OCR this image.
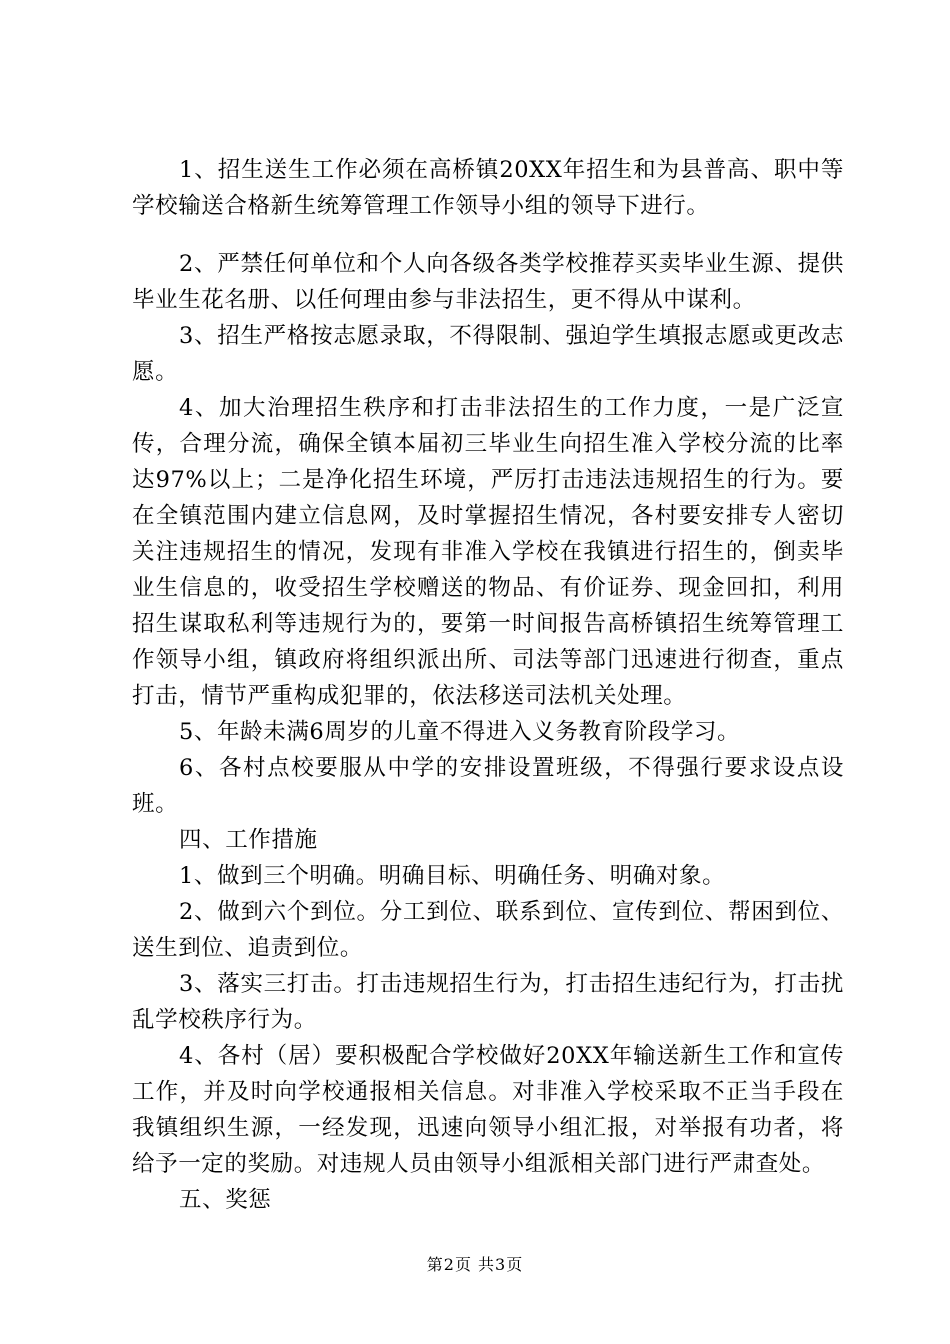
1、招生送生工作必须在高桥镇20XX年招生和为县普高、职中等学校输送合格新生统筹管理工作领导小组的领导下进行。

2、严禁任何单位和个人向各级各类学校推荐买卖毕业生源、提供毕业生花名册、以任何理由参与非法招生，更不得从中谋利。

3、招生严格按志愿录取，不得限制、强迫学生填报志愿或更改志愿。

4、加大治理招生秩序和打击非法招生的工作力度，一是广泛宣传，合理分流，确保全镇本届初三毕业生向招生准入学校分流的比率达97%以上；二是净化招生环境，严厉打击违法违规招生的行为。要在全镇范围内建立信息网，及时掌握招生情况，各村要安排专人密切关注违规招生的情况，发现有非准入学校在我镇进行招生的，倒卖毕业生信息的，收受招生学校赠送的物品、有价证券、现金回扣，利用招生谋取私利等违规行为的，要第一时间报告高桥镇招生统筹管理工作领导小组，镇政府将组织派出所、司法等部门迅速进行彻查，重点打击，情节严重构成犯罪的，依法移送司法机关处理。

5、年龄未满6周岁的儿童不得进入义务教育阶段学习。

6、各村点校要服从中学的安排设置班级，不得强行要求设点设班。

四、工作措施

1、做到三个明确。明确目标、明确任务、明确对象。

2、做到六个到位。分工到位、联系到位、宣传到位、帮困到位、送生到位、追责到位。

3、落实三打击。打击违规招生行为，打击招生违纪行为，打击扰乱学校秩序行为。

4、各村（居）要积极配合学校做好20XX年输送新生工作和宣传工作，并及时向学校通报相关信息。对非准入学校采取不正当手段在我镇组织生源，一经发现，迅速向领导小组汇报，对举报有功者，将给予一定的奖励。对违规人员由领导小组派相关部门进行严肃查处。

五、奖惩

第2页 共3页
